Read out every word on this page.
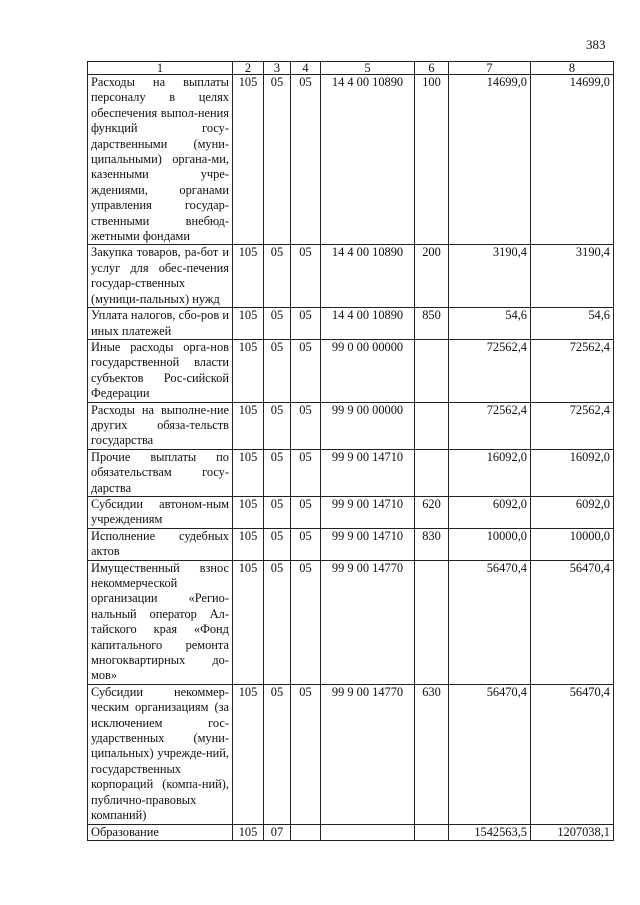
383
1	2	3	4	5	6	7	8
Расходы на выплаты персоналу в целях обеспечения выпол-нения функций госу-дарственными (муни-ципальными) органа-ми, казенными учре-ждениями, органами управления государ-ственными внебюд-жетными фондами	105	05	05	14 4 00 10890	100	14699,0	14699,0
Закупка товаров, ра-бот и услуг для обес-печения государ-ственных (муници-пальных) нужд	105	05	05	14 4 00 10890	200	3190,4	3190,4
Уплата налогов, сбо-ров и иных платежей	105	05	05	14 4 00 10890	850	54,6	54,6
Иные расходы орга-нов государственной власти субъектов Рос-сийской Федерации	105	05	05	99 0 00 00000		72562,4	72562,4
Расходы на выполне-ние других обяза-тельств государства	105	05	05	99 9 00 00000		72562,4	72562,4
Прочие выплаты по обязательствам госу-дарства	105	05	05	99 9 00 14710		16092,0	16092,0
Субсидии автоном-ным учреждениям	105	05	05	99 9 00 14710	620	6092,0	6092,0
Исполнение судебных актов	105	05	05	99 9 00 14710	830	10000,0	10000,0
Имущественный взнос некоммерческой организации «Регио-нальный оператор Ал-тайского края «Фонд капитального ремонта многоквартирных до-мов»	105	05	05	99 9 00 14770		56470,4	56470,4
Субсидии некоммер-ческим организациям (за исключением гос-ударственных (муни-ципальных) учрежде-ний, государственных корпораций (компа-ний), публично-правовых компаний)	105	05	05	99 9 00 14770	630	56470,4	56470,4
Образование	105	07				1542563,5	1207038,1
